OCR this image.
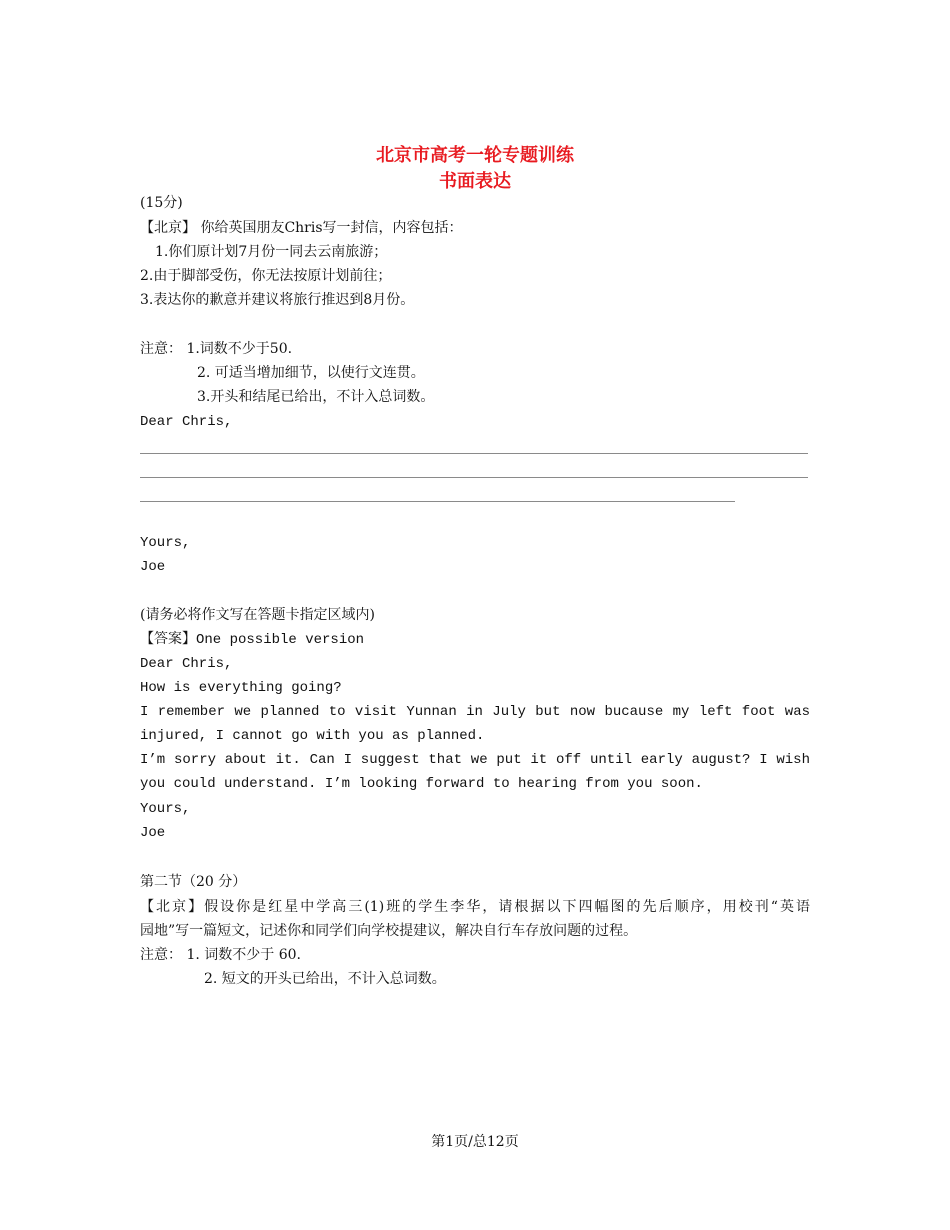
北京市高考一轮专题训练
书面表达
(15分)
【北京】 你给英国朋友Chris写一封信，内容包括：
1.你们原计划7月份一同去云南旅游；
2.由于脚部受伤，你无法按原计划前往；
3.表达你的歉意并建议将旅行推迟到8月份。
注意： 1.词数不少于50.
2. 可适当增加细节，以使行文连贯。
3.开头和结尾已给出，不计入总词数。
Dear Chris,
Yours,
Joe
(请务必将作文写在答题卡指定区域内)
【答案】One possible version
Dear Chris,
How is everything going?
I remember we planned to visit Yunnan in July but now bucause my left foot was
injured, I cannot go with you as planned.
I’m sorry about it. Can I suggest that we put it off until early august? I wish
you could understand. I’m looking forward to hearing from you soon.
Yours,
Joe
第二节（20 分）
【北京】假设你是红星中学高三(1)班的学生李华，请根据以下四幅图的先后顺序，用校刊“英语
园地”写一篇短文，记述你和同学们向学校提建议，解决自行车存放问题的过程。
注意： 1. 词数不少于 60.
2. 短文的开头已给出，不计入总词数。
第1页/总12页
